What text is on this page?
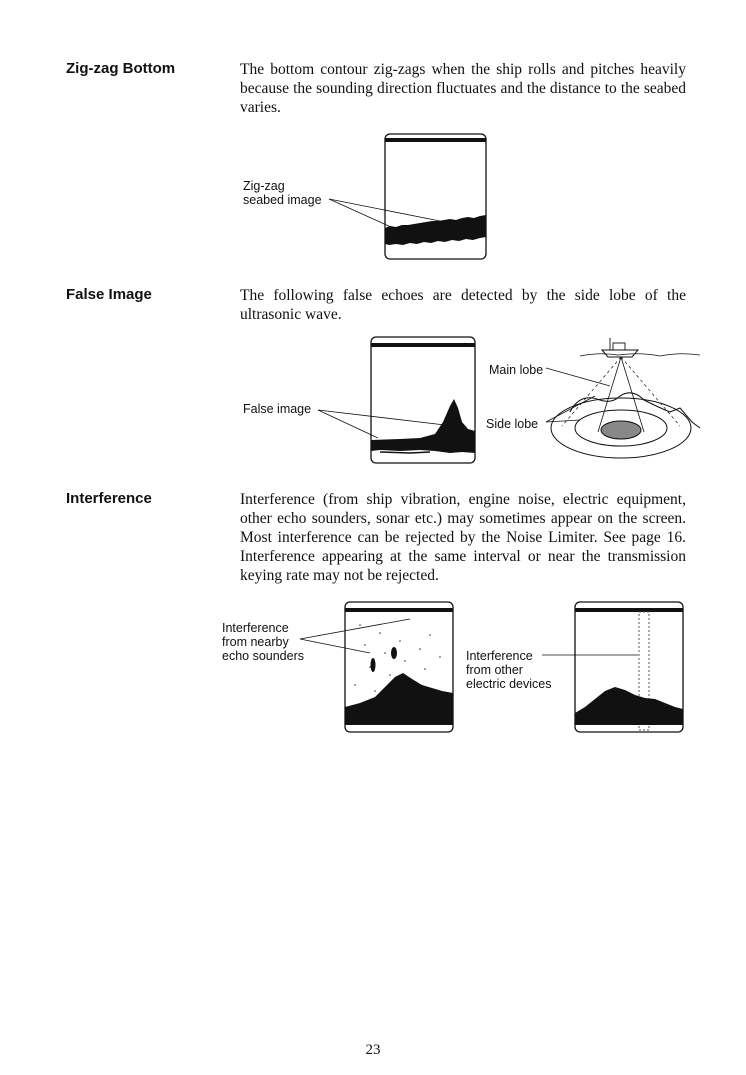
Zig-zag Bottom	The bottom contour zig-zags when the ship rolls and pitches heavily because the sounding direction fluctuates and the distance to the seabed varies.
Zig-zag
seabed image
False Image	The following false echoes are detected by the side lobe of the ultrasonic wave.
False image
Main lobe
Side lobe
Interference	Interference (from ship vibration, engine noise, electric equipment, other echo sounders, sonar etc.) may sometimes appear on the screen. Most interference can be rejected by the Noise Limiter. See page 16. Interference appearing at the same interval or near the transmission keying rate may not be rejected.
Interference
from nearby
echo sounders	Interference
from other
electric devices
23
